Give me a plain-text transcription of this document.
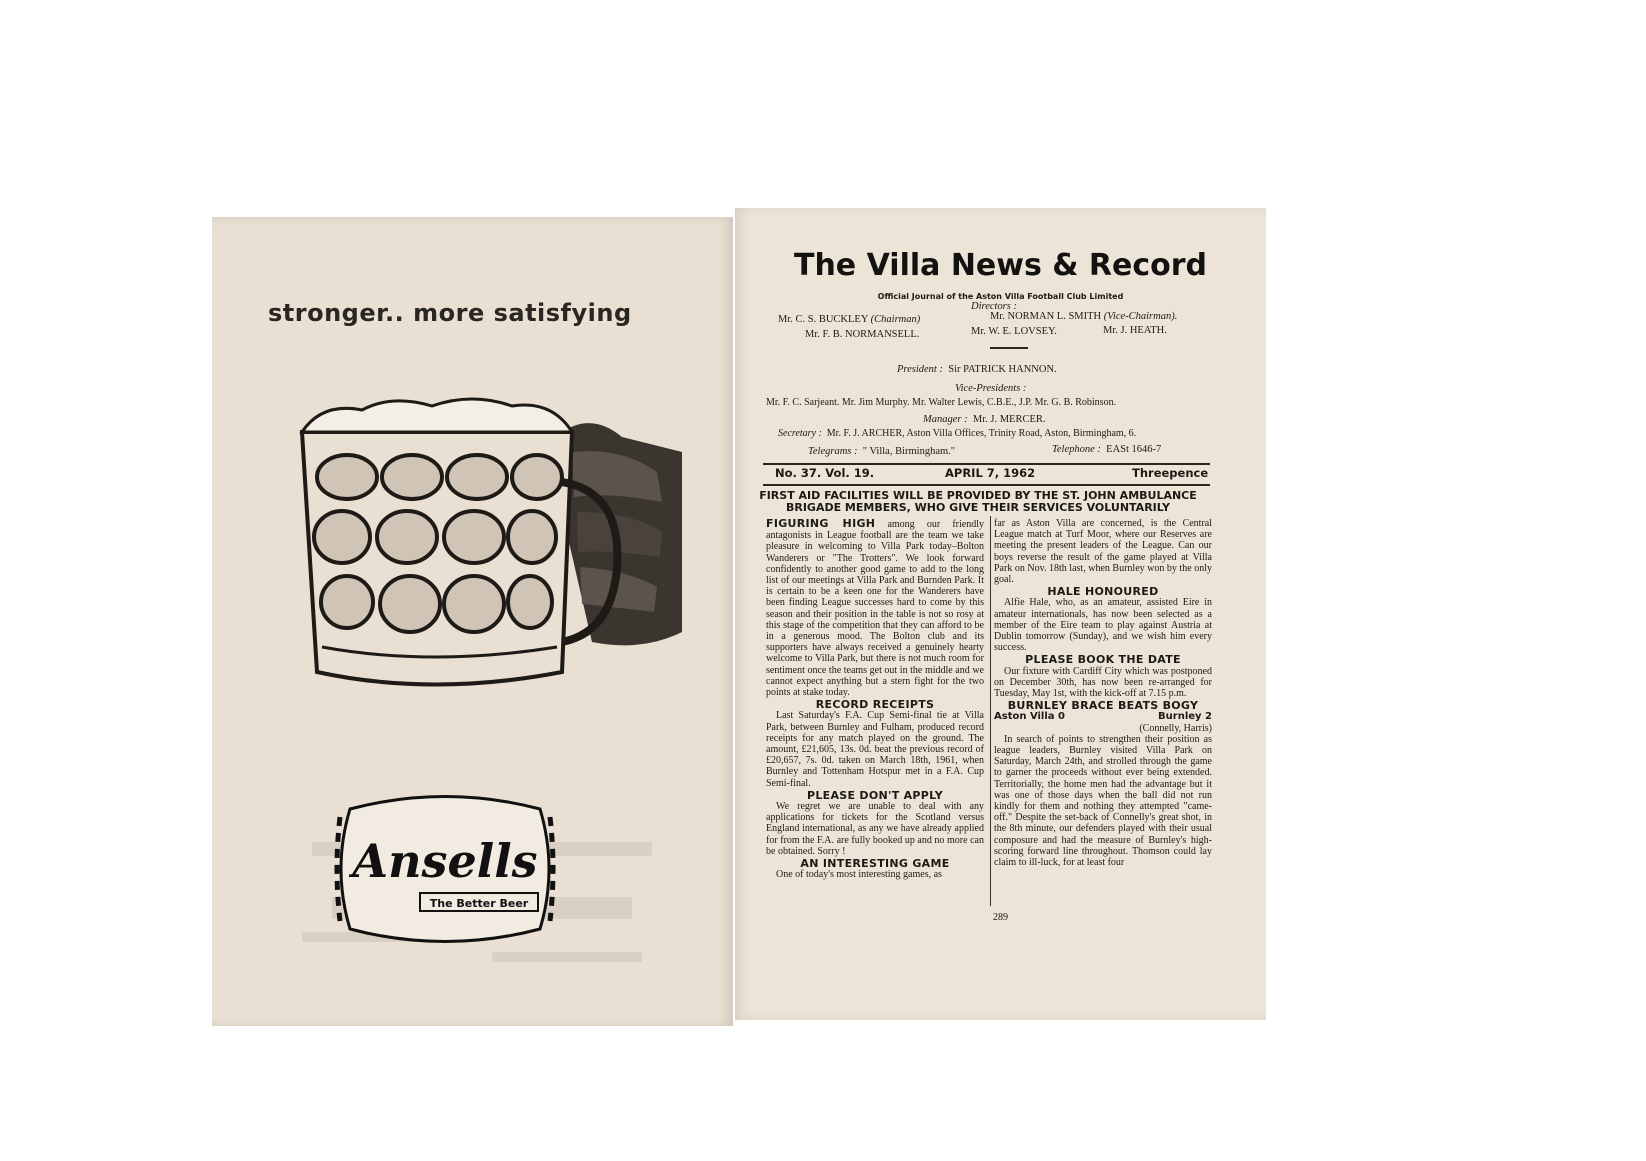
stronger.. more satisfying
Ansells
The Better Beer
The Villa News & Record
Official Journal of the Aston Villa Football Club Limited
Directors :
Mr. C. S. BUCKLEY (Chairman)	Mr. NORMAN L. SMITH (Vice-Chairman).
Mr. F. B. NORMANSELL.	Mr. W. E. LOVSEY.	Mr. J. HEATH.
President : Sir PATRICK HANNON.
Vice-Presidents :
Mr. F. C. Sarjeant. Mr. Jim Murphy. Mr. Walter Lewis, C.B.E., J.P. Mr. G. B. Robinson.
Manager : Mr. J. MERCER.
Secretary : Mr. F. J. ARCHER, Aston Villa Offices, Trinity Road, Aston, Birmingham, 6.
Telegrams : " Villa, Birmingham."	Telephone : EASt 1646-7
No. 37. Vol. 19.	APRIL 7, 1962	Threepence
FIRST AID FACILITIES WILL BE PROVIDED BY THE ST. JOHN AMBULANCE BRIGADE MEMBERS, WHO GIVE THEIR SERVICES VOLUNTARILY

FIGURING HIGH among our friendly antagonists in League football are the team we take pleasure in welcoming to Villa Park today–Bolton Wanderers or "The Trotters". We look forward confidently to another good game to add to the long list of our meetings at Villa Park and Burnden Park. It is certain to be a keen one for the Wanderers have been finding League successes hard to come by this season and their position in the table is not so rosy at this stage of the competition that they can afford to be in a generous mood. The Bolton club and its supporters have always received a genuinely hearty welcome to Villa Park, but there is not much room for sentiment once the teams get out in the middle and we cannot expect anything but a stern fight for the two points at stake today.

RECORD RECEIPTS

Last Saturday's F.A. Cup Semi-final tie at Villa Park, between Burnley and Fulham, produced record receipts for any match played on the ground. The amount, £21,605, 13s. 0d. beat the previous record of £20,657, 7s. 0d. taken on March 18th, 1961, when Burnley and Tottenham Hotspur met in a F.A. Cup Semi-final.

PLEASE DON'T APPLY

We regret we are unable to deal with any applications for tickets for the Scotland versus England international, as any we have already applied for from the F.A. are fully booked up and no more can be obtained. Sorry !

AN INTERESTING GAME

One of today's most interesting games, as

far as Aston Villa are concerned, is the Central League match at Turf Moor, where our Reserves are meeting the present leaders of the League. Can our boys reverse the result of the game played at Villa Park on Nov. 18th last, when Burnley won by the only goal.

HALE HONOURED

Alfie Hale, who, as an amateur, assisted Eire in amateur internationals, has now been selected as a member of the Eire team to play against Austria at Dublin tomorrow (Sunday), and we wish him every success.

PLEASE BOOK THE DATE

Our fixture with Cardiff City which was postponed on December 30th, has now been re-arranged for Tuesday, May 1st, with the kick-off at 7.15 p.m.

BURNLEY BRACE BEATS BOGY
Aston Villa 0	Burnley 2
(Connelly, Harris)

In search of points to strengthen their position as league leaders, Burnley visited Villa Park on Saturday, March 24th, and strolled through the game to garner the proceeds without ever being extended. Territorially, the home men had the advantage but it was one of those days when the ball did not run kindly for them and nothing they attempted "came-off." Despite the set-back of Connelly's great shot, in the 8th minute, our defenders played with their usual composure and had the measure of Burnley's high-scoring forward line throughout. Thomson could lay claim to ill-luck, for at least four

289
